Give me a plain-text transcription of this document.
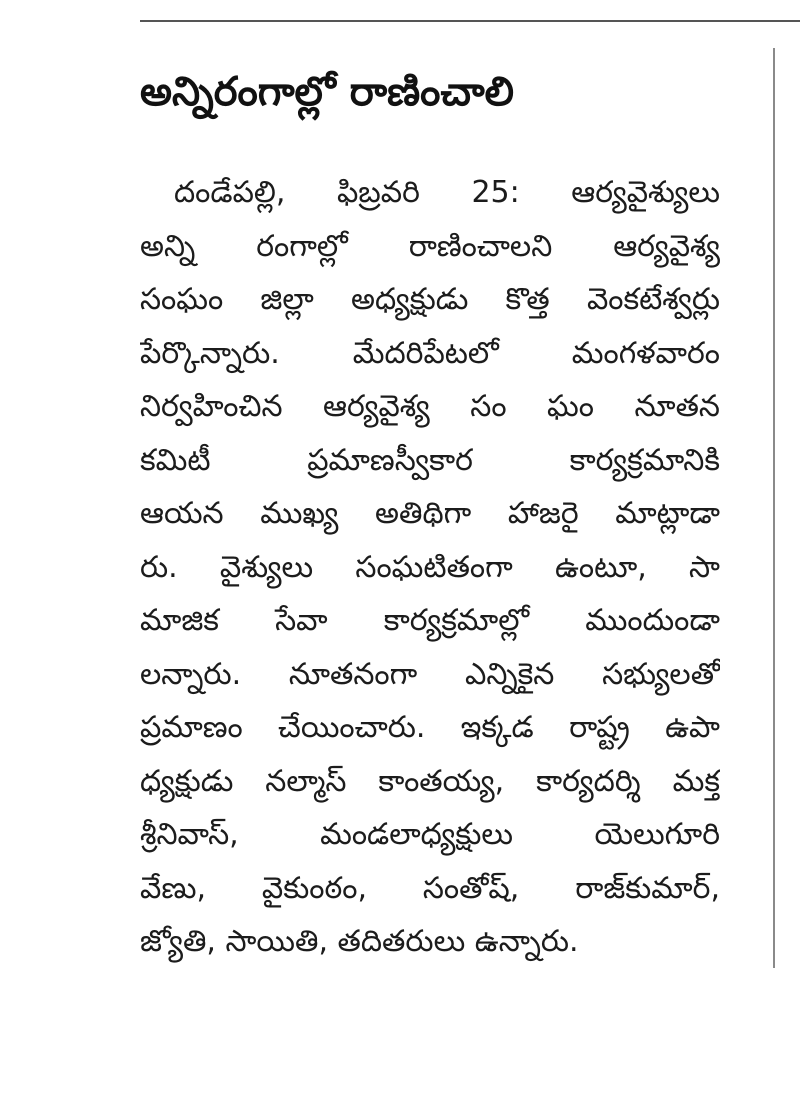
అన్నిరంగాల్లో రాణించాలి
దండేపల్లి, ఫిబ్రవరి 25: ఆర్యవైశ్యులు
అన్ని రంగాల్లో రాణించాలని ఆర్యవైశ్య
సంఘం జిల్లా అధ్యక్షుడు కొత్త వెంకటేశ్వర్లు
పేర్కొన్నారు. మేదరిపేటలో మంగళవారం
నిర్వహించిన ఆర్యవైశ్య సం ఘం నూతన
కమిటీ ప్రమాణస్వీకార కార్యక్రమానికి
ఆయన ముఖ్య అతిథిగా హాజరై మాట్లాడా
రు. వైశ్యులు సంఘటితంగా ఉంటూ, సా
మాజిక సేవా కార్యక్రమాల్లో ముందుండా
లన్నారు. నూతనంగా ఎన్నికైన సభ్యులతో
ప్రమాణం చేయించారు. ఇక్కడ రాష్ట్ర ఉపా
ధ్యక్షుడు నల్మాస్ కాంతయ్య, కార్యదర్శి మక్త
శ్రీనివాస్, మండలాధ్యక్షులు యెలుగూరి
వేణు, వైకుంఠం, సంతోష్, రాజ్‌కుమార్,
జ్యోతి, సాయితి, తదితరులు ఉన్నారు.
